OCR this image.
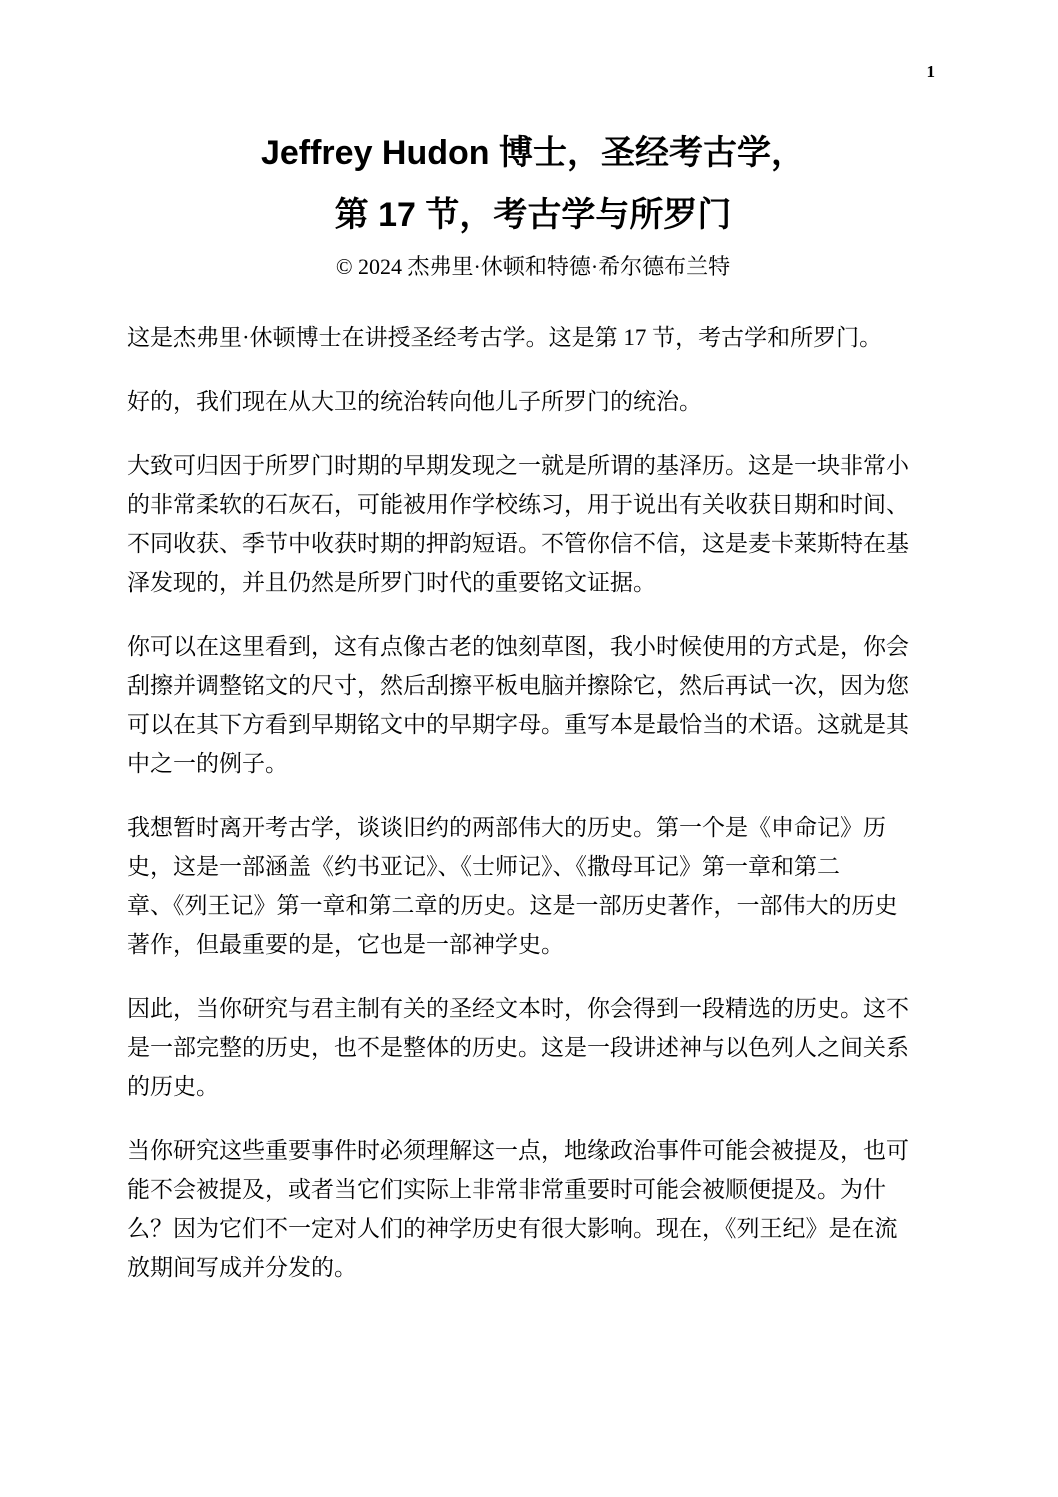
1
Jeffrey Hudon 博士，圣经考古学，
第 17 节，考古学与所罗门
© 2024 杰弗里·休顿和特德·希尔德布兰特
这是杰弗里·休顿博士在讲授圣经考古学。这是第 17 节，考古学和所罗门。
好的，我们现在从大卫的统治转向他儿子所罗门的统治。
大致可归因于所罗门时期的早期发现之一就是所谓的基泽历。这是一块非常小
的非常柔软的石灰石，可能被用作学校练习，用于说出有关收获日期和时间、
不同收获、季节中收获时期的押韵短语。不管你信不信，这是麦卡莱斯特在基
泽发现的，并且仍然是所罗门时代的重要铭文证据。
你可以在这里看到，这有点像古老的蚀刻草图，我小时候使用的方式是，你会
刮擦并调整铭文的尺寸，然后刮擦平板电脑并擦除它，然后再试一次，因为您
可以在其下方看到早期铭文中的早期字母。重写本是最恰当的术语。这就是其
中之一的例子。
我想暂时离开考古学，谈谈旧约的两部伟大的历史。第一个是《申命记》历
史，这是一部涵盖《约书亚记》、《士师记》、《撒母耳记》第一章和第二
章、《列王记》第一章和第二章的历史。这是一部历史著作，一部伟大的历史
著作，但最重要的是，它也是一部神学史。
因此，当你研究与君主制有关的圣经文本时，你会得到一段精选的历史。这不
是一部完整的历史，也不是整体的历史。这是一段讲述神与以色列人之间关系
的历史。
当你研究这些重要事件时必须理解这一点，地缘政治事件可能会被提及，也可
能不会被提及，或者当它们实际上非常非常重要时可能会被顺便提及。为什
么？因为它们不一定对人们的神学历史有很大影响。现在，《列王纪》是在流
放期间写成并分发的。
